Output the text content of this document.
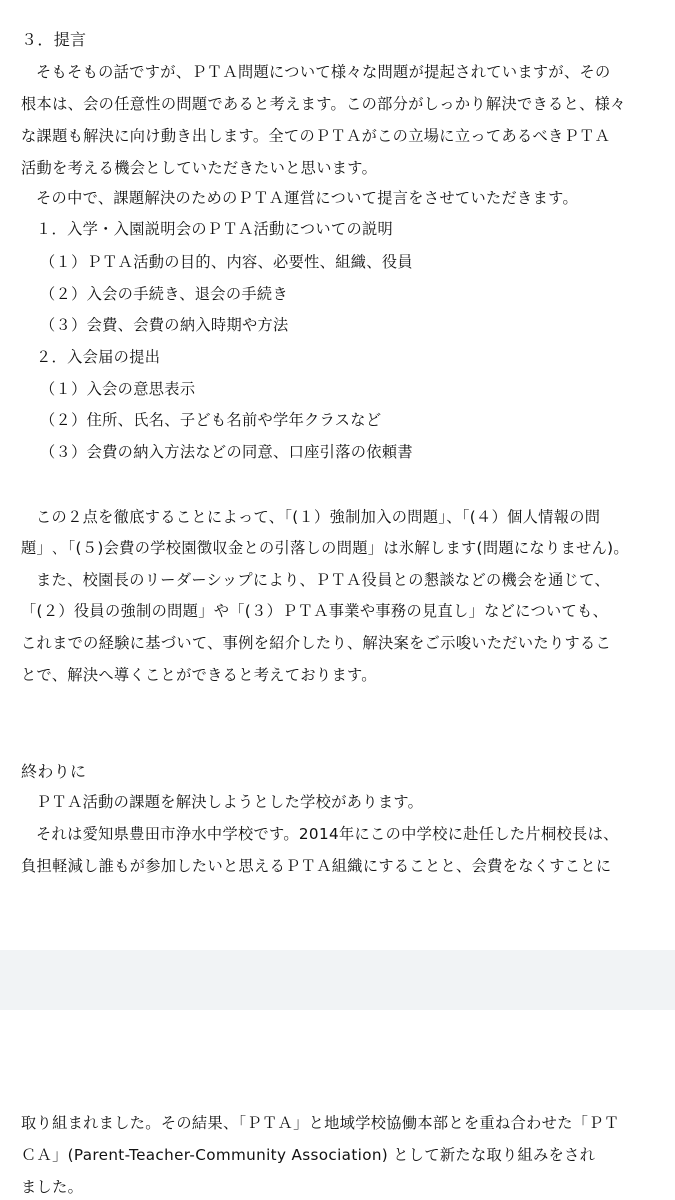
３．提言
そもそもの話ですが、ＰＴＡ問題について様々な問題が提起されていますが、その
根本は、会の任意性の問題であると考えます。この部分がしっかり解決できると、様々
な課題も解決に向け動き出します。全てのＰＴＡがこの立場に立ってあるべきＰＴＡ
活動を考える機会としていただきたいと思います。
その中で、課題解決のためのＰＴＡ運営について提言をさせていただきます。
１．入学・入園説明会のＰＴＡ活動についての説明
（１）ＰＴＡ活動の目的、内容、必要性、組織、役員
（２）入会の手続き、退会の手続き
（３）会費、会費の納入時期や方法
２．入会届の提出
（１）入会の意思表示
（２）住所、氏名、子ども名前や学年クラスなど
（３）会費の納入方法などの同意、口座引落の依頼書
この２点を徹底することによって、「(１）強制加入の問題」、「(４）個人情報の問
題」､「(５)会費の学校園徴収金との引落しの問題」は氷解します(問題になりません)。
また、校園長のリーダーシップにより、ＰＴＡ役員との懇談などの機会を通じて、
「(２）役員の強制の問題」や「(３）ＰＴＡ事業や事務の見直し」などについても、
これまでの経験に基づいて、事例を紹介したり、解決案をご示唆いただいたりするこ
とで、解決へ導くことができると考えております。
終わりに
ＰＴＡ活動の課題を解決しようとした学校があります。
それは愛知県豊田市浄水中学校です。2014年にこの中学校に赴任した片桐校長は、
負担軽減し誰もが参加したいと思えるＰＴＡ組織にすることと、会費をなくすことに
取り組まれました。その結果、「ＰＴＡ」と地域学校協働本部とを重ね合わせた「ＰＴ
ＣＡ」(Parent-Teacher-Community Association) として新たな取り組みをされ
ました。
